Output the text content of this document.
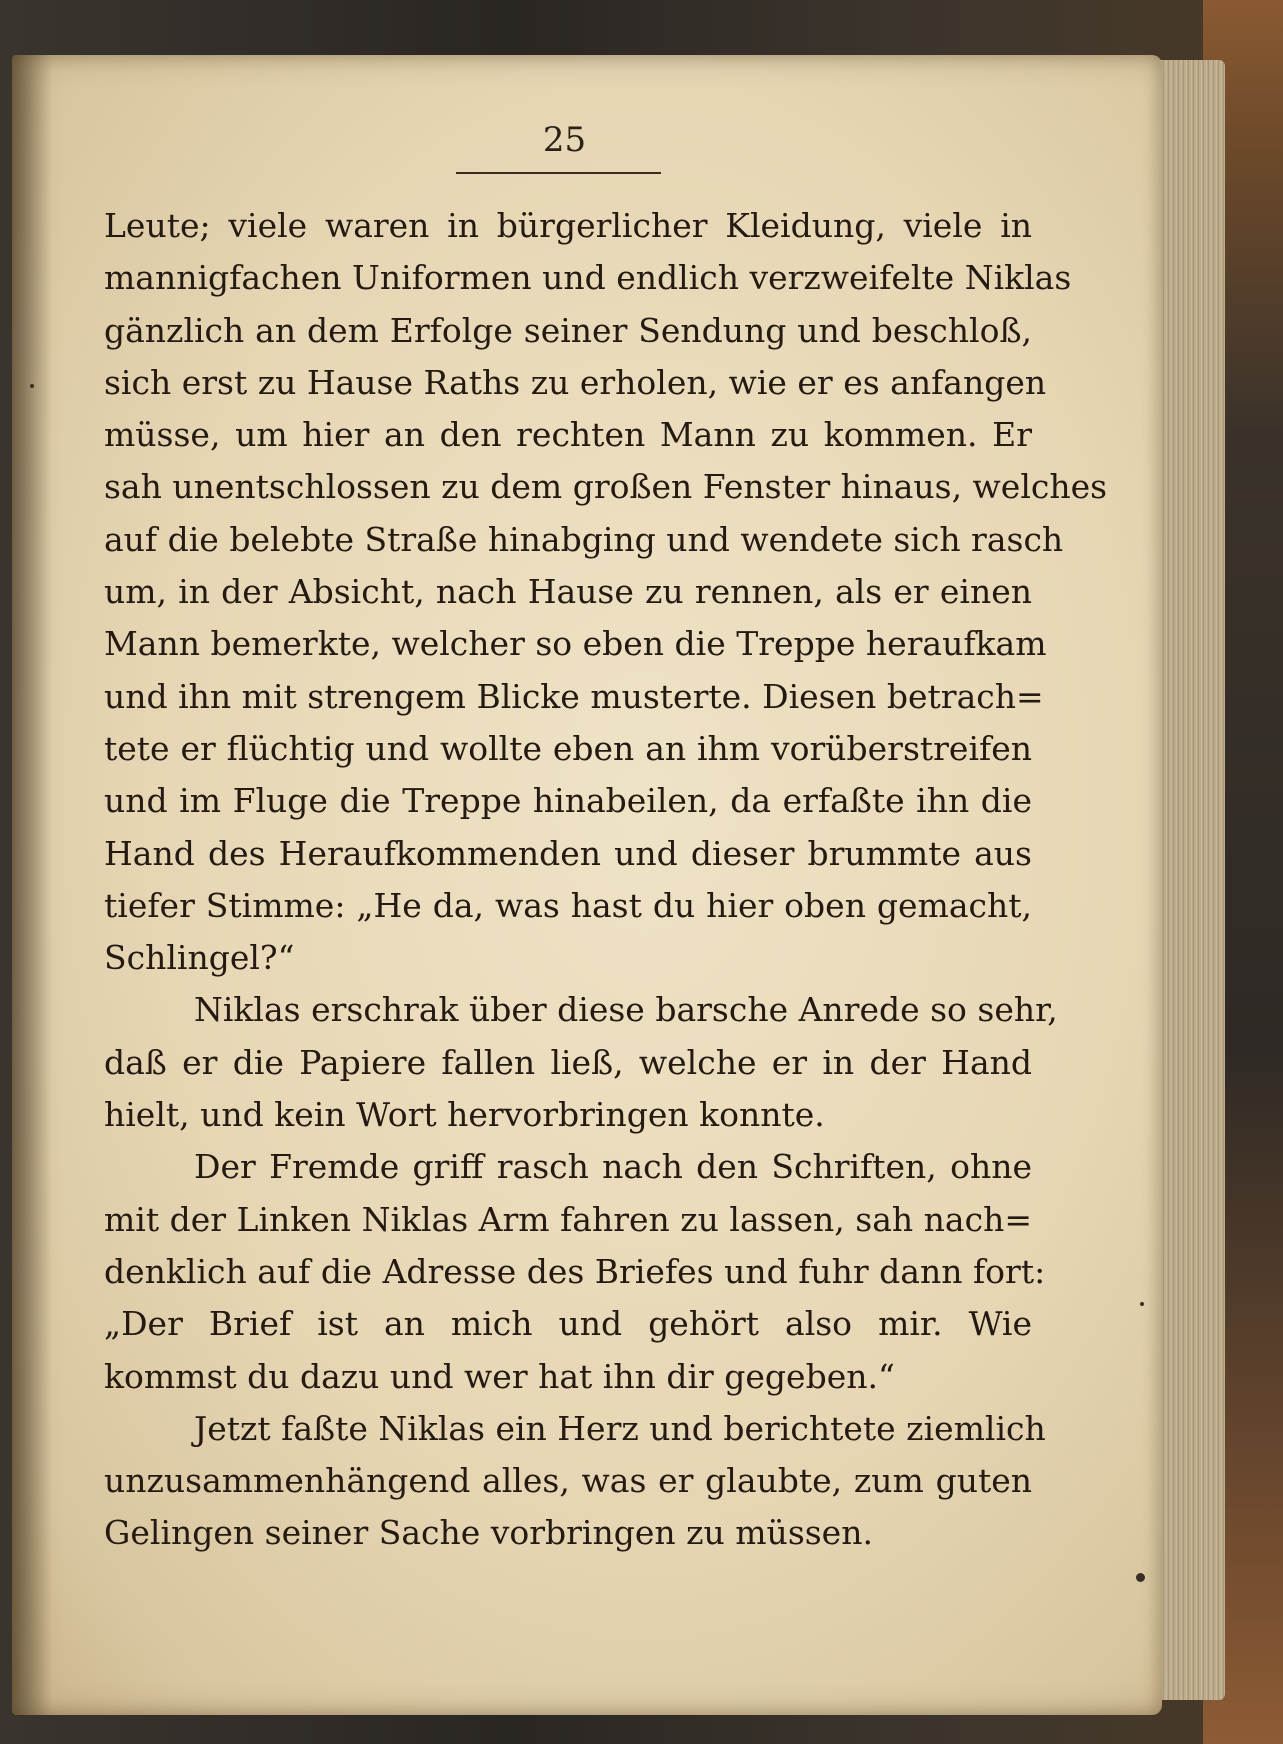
25
Leute; viele waren in bürgerlicher Kleidung, viele in
mannigfachen Uniformen und endlich verzweifelte Niklas
gänzlich an dem Erfolge seiner Sendung und beschloß,
sich erst zu Hause Raths zu erholen, wie er es anfangen
müsse, um hier an den rechten Mann zu kommen. Er
sah unentschlossen zu dem großen Fenster hinaus, welches
auf die belebte Straße hinabging und wendete sich rasch
um, in der Absicht, nach Hause zu rennen, als er einen
Mann bemerkte, welcher so eben die Treppe heraufkam
und ihn mit strengem Blicke musterte. Diesen betrach=
tete er flüchtig und wollte eben an ihm vorüberstreifen
und im Fluge die Treppe hinabeilen, da erfaßte ihn die
Hand des Heraufkommenden und dieser brummte aus
tiefer Stimme: „He da, was hast du hier oben gemacht,
Schlingel?“
Niklas erschrak über diese barsche Anrede so sehr,
daß er die Papiere fallen ließ, welche er in der Hand
hielt, und kein Wort hervorbringen konnte.
Der Fremde griff rasch nach den Schriften, ohne
mit der Linken Niklas Arm fahren zu lassen, sah nach=
denklich auf die Adresse des Briefes und fuhr dann fort:
„Der Brief ist an mich und gehört also mir. Wie
kommst du dazu und wer hat ihn dir gegeben.“
Jetzt faßte Niklas ein Herz und berichtete ziemlich
unzusammenhängend alles, was er glaubte, zum guten
Gelingen seiner Sache vorbringen zu müssen.
